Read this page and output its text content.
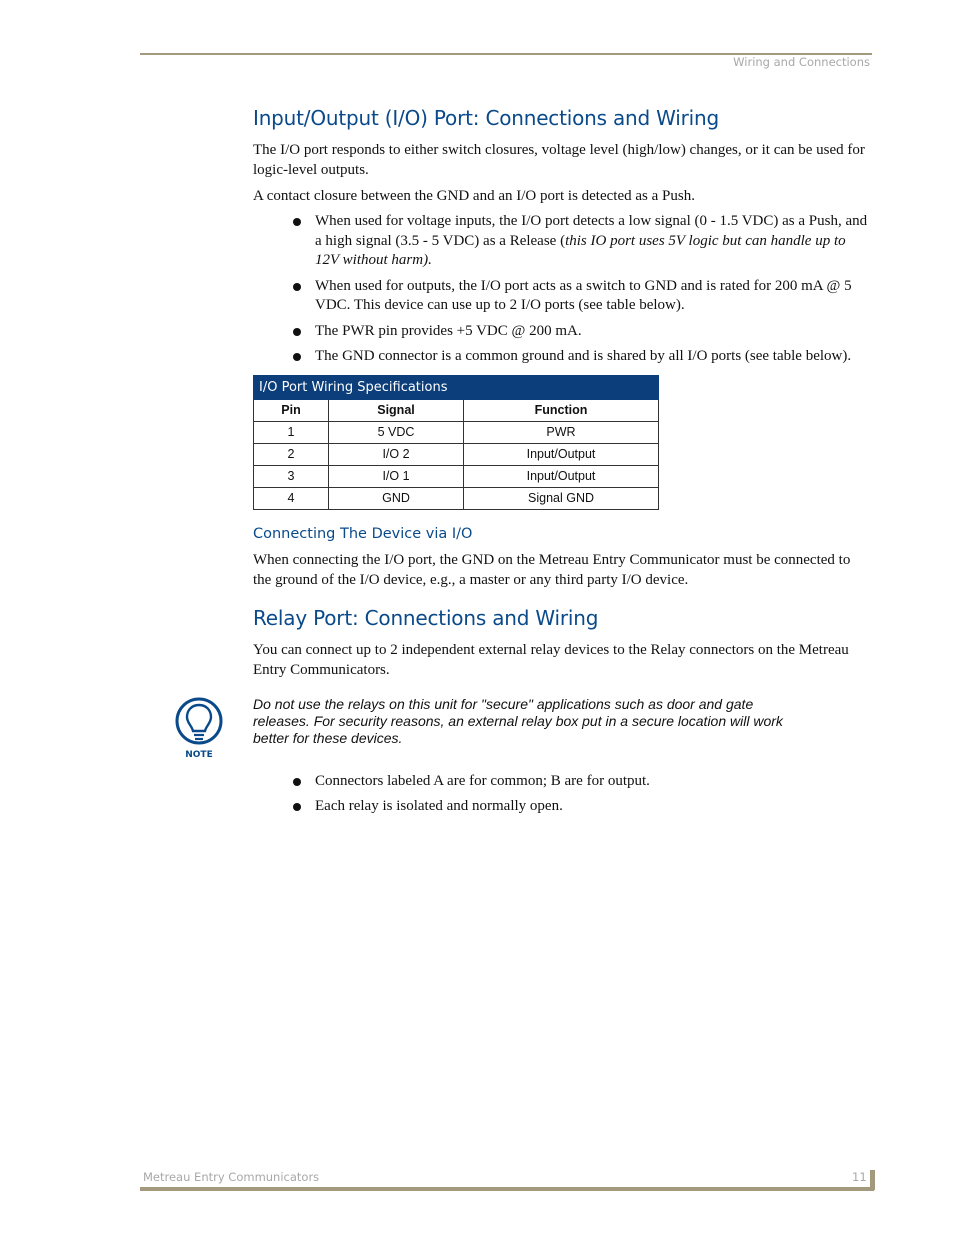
Wiring and Connections
Input/Output (I/O) Port: Connections and Wiring

The I/O port responds to either switch closures, voltage level (high/low) changes, or it can be used for logic-level outputs.

A contact closure between the GND and an I/O port is detected as a Push.

When used for voltage inputs, the I/O port detects a low signal (0 - 1.5 VDC) as a Push, and a high signal (3.5 - 5 VDC) as a Release (this IO port uses 5V logic but can handle up to 12V without harm).
When used for outputs, the I/O port acts as a switch to GND and is rated for 200 mA @ 5 VDC. This device can use up to 2 I/O ports (see table below).
The PWR pin provides +5 VDC @ 200 mA.
The GND connector is a common ground and is shared by all I/O ports (see table below).
I/O Port Wiring Specifications		
Pin	Signal	Function
1	5 VDC	PWR
2	I/O 2	Input/Output
3	I/O 1	Input/Output
4	GND	Signal GND
Connecting The Device via I/O

When connecting the I/O port, the GND on the Metreau Entry Communicator must be connected to the ground of the I/O device, e.g., a master or any third party I/O device.

Relay Port: Connections and Wiring

You can connect up to 2 independent external relay devices to the Relay connectors on the Metreau Entry Communicators.

NOTE

Do not use the relays on this unit for "secure" applications such as door and gate releases. For security reasons, an external relay box put in a secure location will work better for these devices.

Connectors labeled A are for common; B are for output.
Each relay is isolated and normally open.
Metreau Entry Communicators	11
